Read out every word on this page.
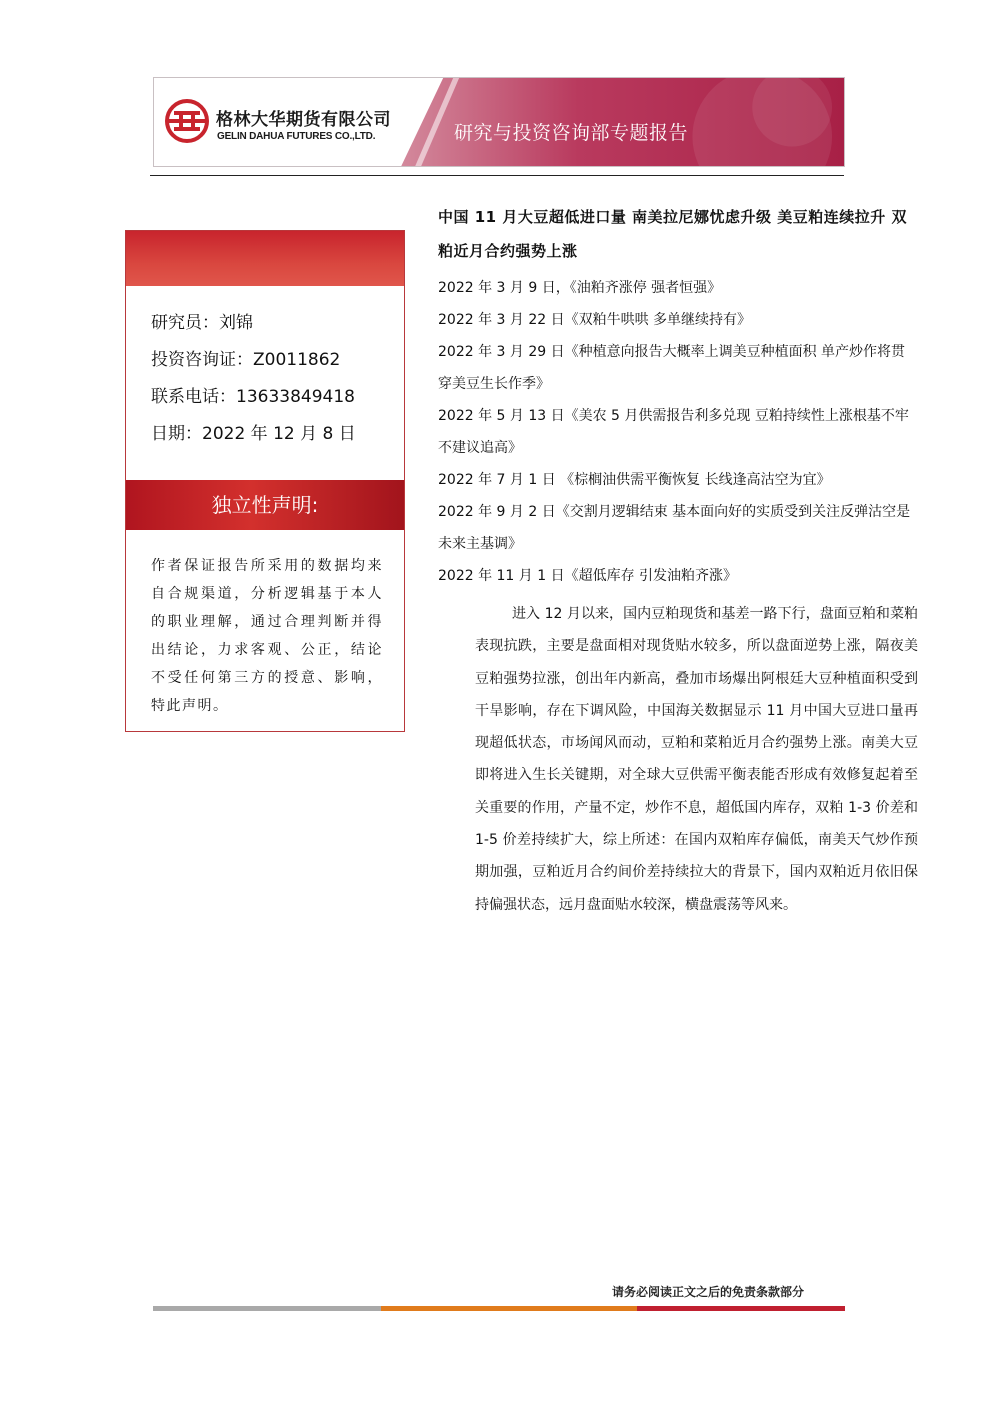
格林大华期货有限公司
GELIN DAHUA FUTURES CO.,LTD.	研究与投资咨询部专题报告
研究员：刘锦
投资咨询证：Z0011862
联系电话：13633849418
日期：2022 年 12 月 8 日
独立性声明:
作者保证报告所采用的数据均来自合规渠道，分析逻辑基于本人的职业理解，通过合理判断并得出结论，力求客观、公正，结论不受任何第三方的授意、影响，特此声明。
中国 11 月大豆超低进口量 南美拉尼娜忧虑升级 美豆粕连续拉升 双粕近月合约强势上涨
2022 年 3 月 9 日，《油粕齐涨停 强者恒强》
2022 年 3 月 22 日《双粕牛哄哄 多单继续持有》
2022 年 3 月 29 日《种植意向报告大概率上调美豆种植面积 单产炒作将贯穿美豆生长作季》
2022 年 5 月 13 日《美农 5 月供需报告利多兑现 豆粕持续性上涨根基不牢 不建议追高》
2022 年 7 月 1 日 《棕榈油供需平衡恢复 长线逢高沽空为宜》
2022 年 9 月 2 日《交割月逻辑结束 基本面向好的实质受到关注反弹沽空是未来主基调》
2022 年 11 月 1 日《超低库存 引发油粕齐涨》
进入 12 月以来，国内豆粕现货和基差一路下行，盘面豆粕和菜粕表现抗跌，主要是盘面相对现货贴水较多，所以盘面逆势上涨，隔夜美豆粕强势拉涨，创出年内新高，叠加市场爆出阿根廷大豆种植面积受到干旱影响，存在下调风险，中国海关数据显示 11 月中国大豆进口量再现超低状态，市场闻风而动，豆粕和菜粕近月合约强势上涨。南美大豆即将进入生长关键期，对全球大豆供需平衡表能否形成有效修复起着至关重要的作用，产量不定，炒作不息，超低国内库存，双粕 1-3 价差和 1-5 价差持续扩大，综上所述：在国内双粕库存偏低，南美天气炒作预期加强，豆粕近月合约间价差持续拉大的背景下，国内双粕近月依旧保持偏强状态，远月盘面贴水较深，横盘震荡等风来。
请务必阅读正文之后的免责条款部分
